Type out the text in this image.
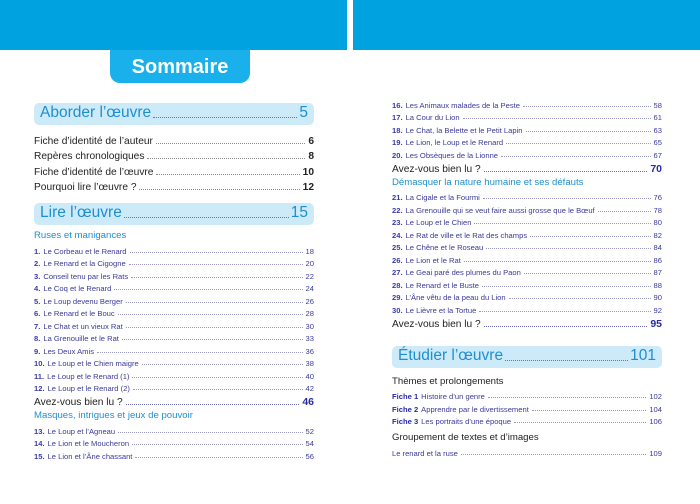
Sommaire
Aborder l’œuvre	5
Fiche d’identité de l’auteur	6
Repères chronologiques	8
Fiche d’identité de l’œuvre	10
Pourquoi lire l’œuvre ?	12
Lire l’œuvre	15
Ruses et manigances
1. Le Corbeau et le Renard	18
2. Le Renard et la Cigogne	20
3. Conseil tenu par les Rats	22
4. Le Coq et le Renard	24
5. Le Loup devenu Berger	26
6. Le Renard et le Bouc	28
7. Le Chat et un vieux Rat	30
8. La Grenouille et le Rat	33
9. Les Deux Amis	36
10. Le Loup et le Chien maigre	38
11. Le Loup et le Renard (1)	40
12. Le Loup et le Renard (2)	42
Avez-vous bien lu ?	46
Masques, intrigues et jeux de pouvoir
13. Le Loup et l’Agneau	52
14. Le Lion et le Moucheron	54
15. Le Lion et l’Âne chassant	56
16. Les Animaux malades de la Peste	58
17. La Cour du Lion	61
18. Le Chat, la Belette et le Petit Lapin	63
19. Le Lion, le Loup et le Renard	65
20. Les Obsèques de la Lionne	67
Avez-vous bien lu ?	70
Démasquer la nature humaine et ses défauts
21. La Cigale et la Fourmi	76
22. La Grenouille qui se veut faire aussi grosse que le Bœuf	78
23. Le Loup et le Chien	80
24. Le Rat de ville et le Rat des champs	82
25. Le Chêne et le Roseau	84
26. Le Lion et le Rat	86
27. Le Geai paré des plumes du Paon	87
28. Le Renard et le Buste	88
29. L’Âne vêtu de la peau du Lion	90
30. Le Lièvre et la Tortue	92
Avez-vous bien lu ?	95
Étudier l’œuvre	101
Thèmes et prolongements
Fiche 1 Histoire d’un genre	102
Fiche 2 Apprendre par le divertissement	104
Fiche 3 Les portraits d’une époque	106
Groupement de textes et d’images
Le renard et la ruse	109
